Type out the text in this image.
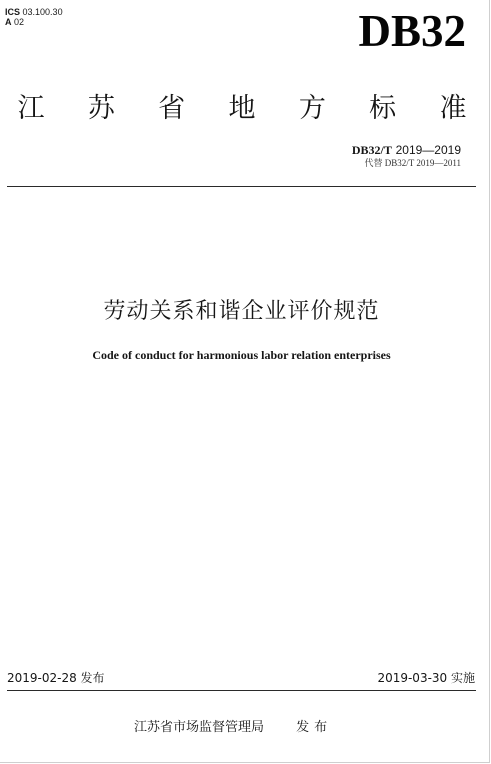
ICS 03.100.30
A 02	DB32
江 苏 省 地 方 标 准
DB32/T 2019—2019
代替 DB32/T 2019—2011
劳动关系和谐企业评价规范
Code of conduct for harmonious labor relation enterprises
2019-02-28 发布	2019-03-30 实施
江苏省市场监督管理局 发布
